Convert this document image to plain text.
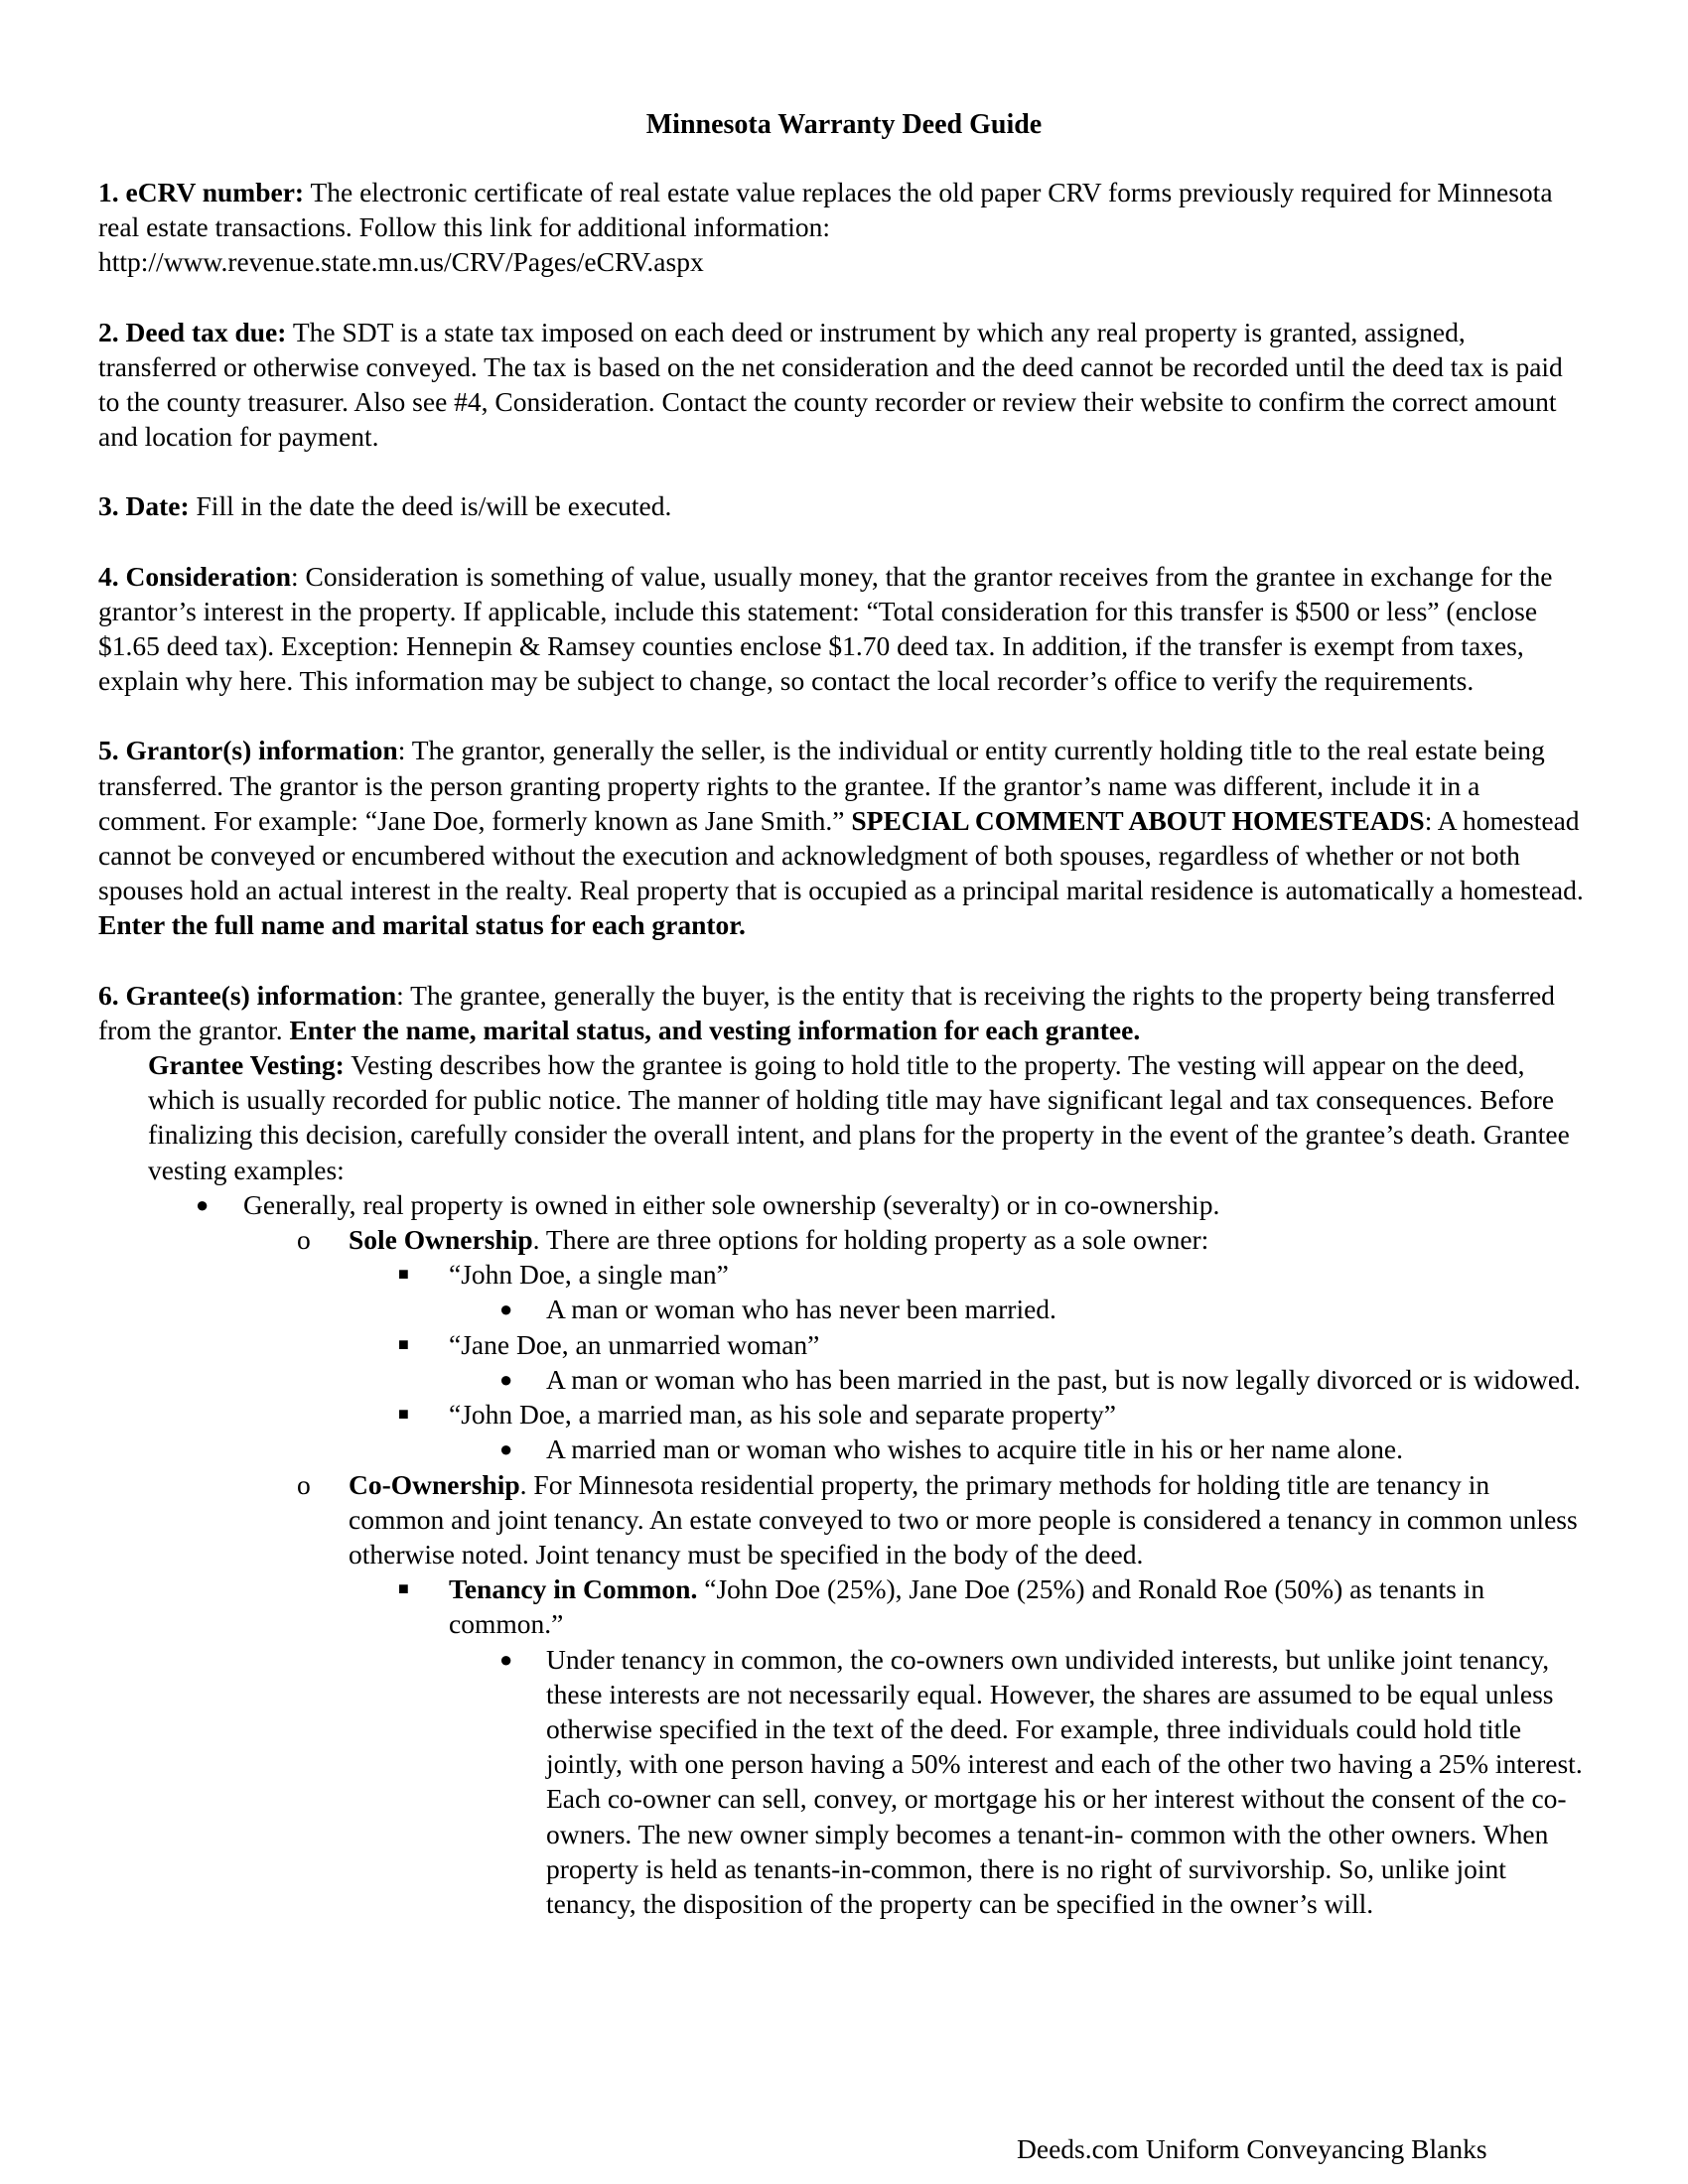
Minnesota Warranty Deed Guide

1. eCRV number: The electronic certificate of real estate value replaces the old paper CRV forms previously required for Minnesota real estate transactions. Follow this link for additional information:

http://www.revenue.state.mn.us/CRV/Pages/eCRV.aspx

2. Deed tax due: The SDT is a state tax imposed on each deed or instrument by which any real property is granted, assigned, transferred or otherwise conveyed. The tax is based on the net consideration and the deed cannot be recorded until the deed tax is paid to the county treasurer. Also see #4, Consideration. Contact the county recorder or review their website to confirm the correct amount and location for payment.

3. Date: Fill in the date the deed is/will be executed.

4. Consideration: Consideration is something of value, usually money, that the grantor receives from the grantee in exchange for the grantor’s interest in the property. If applicable, include this statement: “Total consideration for this transfer is $500 or less” (enclose $1.65 deed tax). Exception: Hennepin & Ramsey counties enclose $1.70 deed tax. In addition, if the transfer is exempt from taxes, explain why here. This information may be subject to change, so contact the local recorder’s office to verify the requirements.

5. Grantor(s) information: The grantor, generally the seller, is the individual or entity currently holding title to the real estate being transferred. The grantor is the person granting property rights to the grantee. If the grantor’s name was different, include it in a comment. For example: “Jane Doe, formerly known as Jane Smith.” SPECIAL COMMENT ABOUT HOMESTEADS: A homestead cannot be conveyed or encumbered without the execution and acknowledgment of both spouses, regardless of whether or not both spouses hold an actual interest in the realty. Real property that is occupied as a principal marital residence is automatically a homestead. Enter the full name and marital status for each grantor.

6. Grantee(s) information: The grantee, generally the buyer, is the entity that is receiving the rights to the property being transferred from the grantor. Enter the name, marital status, and vesting information for each grantee.

Grantee Vesting: Vesting describes how the grantee is going to hold title to the property. The vesting will appear on the deed, which is usually recorded for public notice. The manner of holding title may have significant legal and tax consequences. Before finalizing this decision, carefully consider the overall intent, and plans for the property in the event of the grantee’s death. Grantee vesting examples:

● Generally, real property is owned in either sole ownership (severalty) or in co-ownership.
o Sole Ownership. There are three options for holding property as a sole owner:
■ “John Doe, a single man”
● A man or woman who has never been married.
■ “Jane Doe, an unmarried woman”
● A man or woman who has been married in the past, but is now legally divorced or is widowed.
■ “John Doe, a married man, as his sole and separate property”
● A married man or woman who wishes to acquire title in his or her name alone.
o Co-Ownership. For Minnesota residential property, the primary methods for holding title are tenancy in common and joint tenancy. An estate conveyed to two or more people is considered a tenancy in common unless otherwise noted. Joint tenancy must be specified in the body of the deed.
■ Tenancy in Common. “John Doe (25%), Jane Doe (25%) and Ronald Roe (50%) as tenants in common.”
● Under tenancy in common, the co-owners own undivided interests, but unlike joint tenancy, these interests are not necessarily equal. However, the shares are assumed to be equal unless otherwise specified in the text of the deed. For example, three individuals could hold title jointly, with one person having a 50% interest and each of the other two having a 25% interest. Each co-owner can sell, convey, or mortgage his or her interest without the consent of the co-owners. The new owner simply becomes a tenant-in- common with the other owners. When property is held as tenants-in-common, there is no right of survivorship. So, unlike joint tenancy, the disposition of the property can be specified in the owner’s will.
Deeds.com Uniform Conveyancing Blanks
